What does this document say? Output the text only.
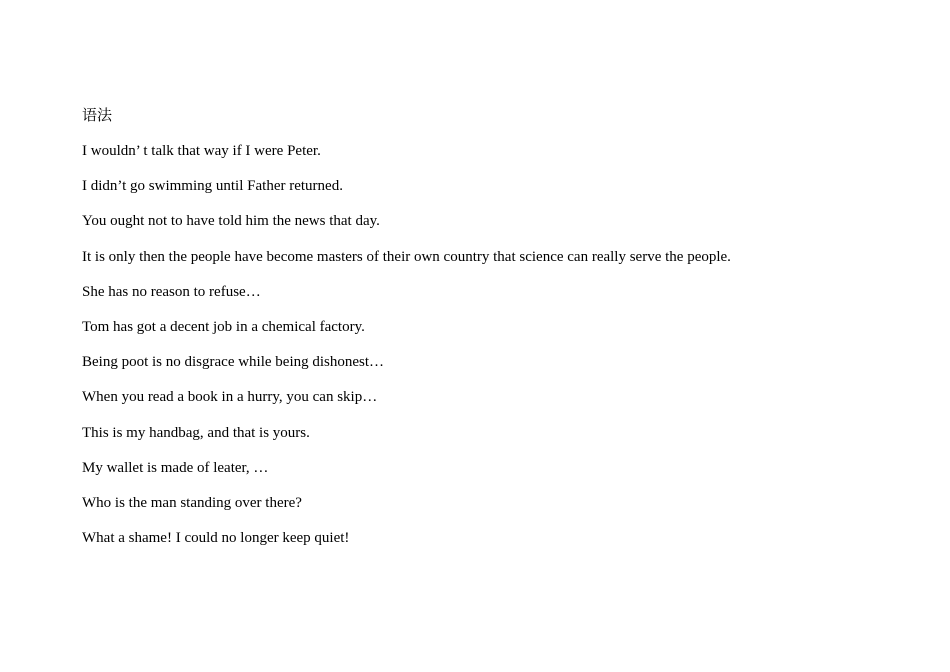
语法
I wouldn’ t talk that way if I were Peter.
I didn’t go swimming until Father returned.
You ought not to have told him the news that day.
It is only then the people have become masters of their own country that science can really serve the people.
She has no reason to refuse…
Tom has got a decent job in a chemical factory.
Being poot is no disgrace while being dishonest…
When you read a book in a hurry, you can skip…
This is my handbag, and that is yours.
My wallet is made of leater, …
Who is the man standing over there?
What a shame! I could no longer keep quiet!
